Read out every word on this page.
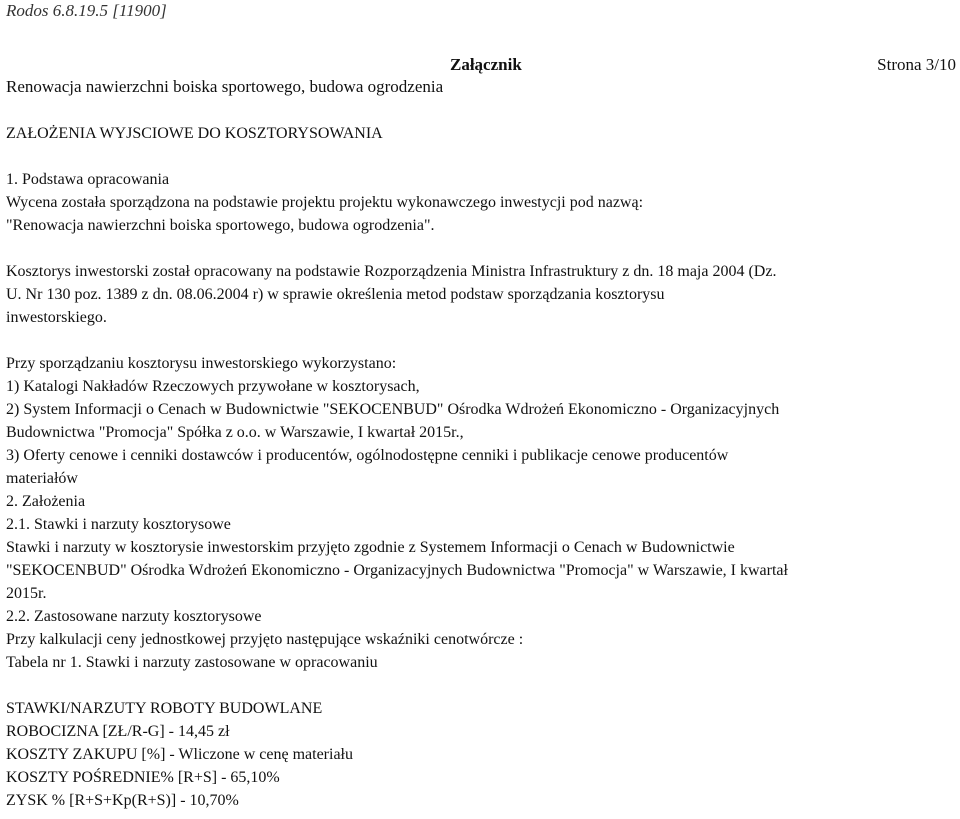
Rodos 6.8.19.5 [11900]
Załącznik	Strona 3/10
Renowacja nawierzchni boiska sportowego, budowa ogrodzenia
ZAŁOŻENIA WYJSCIOWE DO KOSZTORYSOWANIA
1. Podstawa opracowania
Wycena została sporządzona na podstawie projektu projektu wykonawczego inwestycji pod nazwą:
"Renowacja nawierzchni boiska sportowego, budowa ogrodzenia".
Kosztorys inwestorski został opracowany na podstawie Rozporządzenia Ministra Infrastruktury z dn. 18 maja 2004 (Dz.
U. Nr 130 poz. 1389 z dn. 08.06.2004 r) w sprawie określenia metod podstaw sporządzania kosztorysu
inwestorskiego.
Przy sporządzaniu kosztorysu inwestorskiego wykorzystano:
1) Katalogi Nakładów Rzeczowych przywołane w kosztorysach,
2) System Informacji o Cenach w Budownictwie "SEKOCENBUD" Ośrodka Wdrożeń Ekonomiczno - Organizacyjnych
Budownictwa "Promocja" Spółka z o.o. w Warszawie, I kwartał 2015r.,
3) Oferty cenowe i cenniki dostawców i producentów, ogólnodostępne cenniki i publikacje cenowe producentów
materiałów
2. Założenia
2.1. Stawki i narzuty kosztorysowe
Stawki i narzuty w kosztorysie inwestorskim przyjęto zgodnie z Systemem Informacji o Cenach w Budownictwie
"SEKOCENBUD" Ośrodka Wdrożeń Ekonomiczno - Organizacyjnych Budownictwa "Promocja" w Warszawie, I kwartał
2015r.
2.2. Zastosowane narzuty kosztorysowe
Przy kalkulacji ceny jednostkowej przyjęto następujące wskaźniki cenotwórcze :
Tabela nr 1. Stawki i narzuty zastosowane w opracowaniu
STAWKI/NARZUTY ROBOTY BUDOWLANE
ROBOCIZNA [ZŁ/R-G] - 14,45 zł
KOSZTY ZAKUPU [%] - Wliczone w cenę materiału
KOSZTY POŚREDNIE% [R+S] - 65,10%
ZYSK % [R+S+Kp(R+S)] - 10,70%
